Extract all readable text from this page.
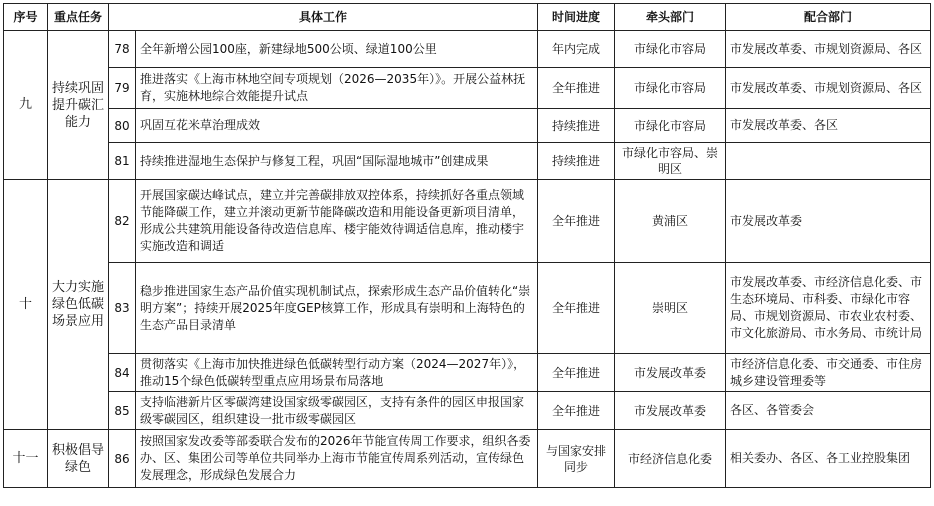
序号	重点任务	具体工作		时间进度	牵头部门	配合部门
九	持续巩固提升碳汇能力	78	全年新增公园100座，新建绿地500公顷、绿道100公里	年内完成	市绿化市容局	市发展改革委、市规划资源局、各区
		79	推进落实《上海市林地空间专项规划（2026—2035年）》。开展公益林抚育，实施林地综合效能提升试点	全年推进	市绿化市容局	市发展改革委、市规划资源局、各区
		80	巩固互花米草治理成效	持续推进	市绿化市容局	市发展改革委、各区
		81	持续推进湿地生态保护与修复工程，巩固“国际湿地城市”创建成果	持续推进	市绿化市容局、崇明区	
十	大力实施绿色低碳场景应用	82	开展国家碳达峰试点，建立并完善碳排放双控体系，持续抓好各重点领域节能降碳工作，建立并滚动更新节能降碳改造和用能设备更新项目清单，形成公共建筑用能设备待改造信息库、楼宇能效待调适信息库，推动楼宇实施改造和调适	全年推进	黄浦区	市发展改革委
		83	稳步推进国家生态产品价值实现机制试点，探索形成生态产品价值转化“崇明方案”；持续开展2025年度GEP核算工作，形成具有崇明和上海特色的生态产品目录清单	全年推进	崇明区	市发展改革委、市经济信息化委、市生态环境局、市科委、市绿化市容局、市规划资源局、市农业农村委、市文化旅游局、市水务局、市统计局
		84	贯彻落实《上海市加快推进绿色低碳转型行动方案（2024—2027年）》，推动15个绿色低碳转型重点应用场景布局落地	全年推进	市发展改革委	市经济信息化委、市交通委、市住房城乡建设管理委等
		85	支持临港新片区零碳湾建设国家级零碳园区，支持有条件的园区申报国家级零碳园区，组织建设一批市级零碳园区	全年推进	市发展改革委	各区、各管委会
十一	积极倡导绿色	86	按照国家发改委等部委联合发布的2026年节能宣传周工作要求，组织各委办、区、集团公司等单位共同举办上海市节能宣传周系列活动，宣传绿色发展理念，形成绿色发展合力	与国家安排同步	市经济信息化委	相关委办、各区、各工业控股集团
